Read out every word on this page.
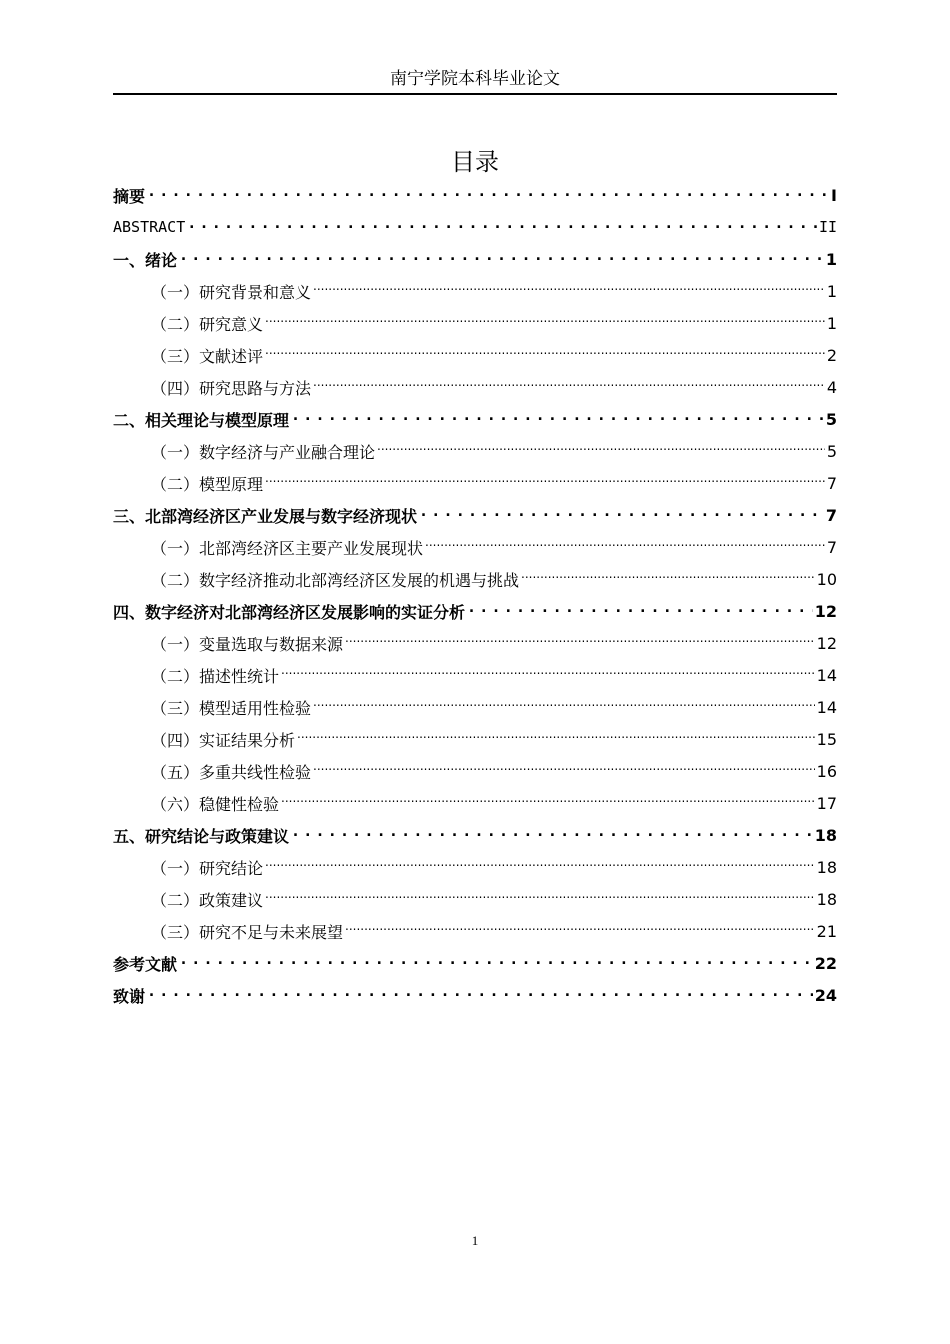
南宁学院本科毕业论文
目录
摘要 .....	I
ABSTRACT .....	II
一、绪论 .....	1
（一）研究背景和意义 .....	1
（二）研究意义 .....	1
（三）文献述评 .....	2
（四）研究思路与方法 .....	4
二、相关理论与模型原理 .....	5
（一）数字经济与产业融合理论 .....	5
（二）模型原理 .....	7
三、北部湾经济区产业发展与数字经济现状 .....	7
（一）北部湾经济区主要产业发展现状 .....	7
（二）数字经济推动北部湾经济区发展的机遇与挑战 .....	10
四、数字经济对北部湾经济区发展影响的实证分析 .....	12
（一）变量选取与数据来源 .....	12
（二）描述性统计 .....	14
（三）模型适用性检验 .....	14
（四）实证结果分析 .....	15
（五）多重共线性检验 .....	16
（六）稳健性检验 .....	17
五、研究结论与政策建议 .....	18
（一）研究结论 .....	18
（二）政策建议 .....	18
（三）研究不足与未来展望 .....	21
参考文献 .....	22
致谢 .....	24
1
